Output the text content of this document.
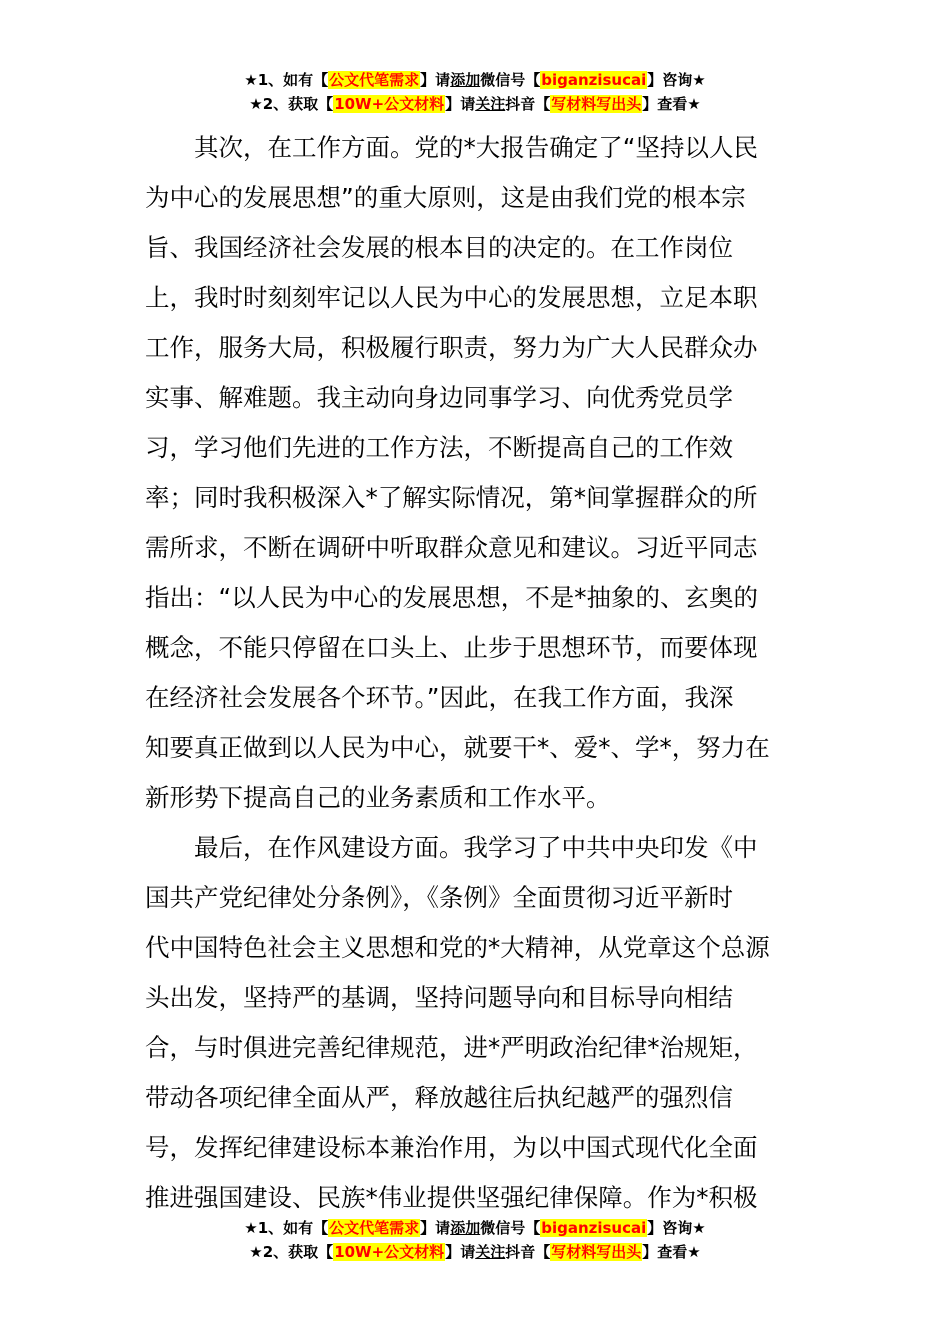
★1、如有【公文代笔需求】请添加微信号【biganzisucai】咨询★
★2、获取【10W+公文材料】请关注抖音【写材料写出头】查看★
　　其次，在工作方面。党的*大报告确定了“坚持以人民
为中心的发展思想”的重大原则，这是由我们党的根本宗
旨、我国经济社会发展的根本目的决定的。在工作岗位
上，我时时刻刻牢记以人民为中心的发展思想，立足本职
工作，服务大局，积极履行职责，努力为广大人民群众办
实事、解难题。我主动向身边同事学习、向优秀党员学
习，学习他们先进的工作方法，不断提高自己的工作效
率；同时我积极深入*了解实际情况，第*间掌握群众的所
需所求，不断在调研中听取群众意见和建议。习近平同志
指出：“以人民为中心的发展思想，不是*抽象的、玄奥的
概念，不能只停留在口头上、止步于思想环节，而要体现
在经济社会发展各个环节。”因此，在我工作方面，我深
知要真正做到以人民为中心，就要干*、爱*、学*，努力在
新形势下提高自己的业务素质和工作水平。
　　最后，在作风建设方面。我学习了中共中央印发《中
国共产党纪律处分条例》，《条例》全面贯彻习近平新时
代中国特色社会主义思想和党的*大精神，从党章这个总源
头出发，坚持严的基调，坚持问题导向和目标导向相结
合，与时俱进完善纪律规范，进*严明政治纪律*治规矩，
带动各项纪律全面从严，释放越往后执纪越严的强烈信
号，发挥纪律建设标本兼治作用，为以中国式现代化全面
推进强国建设、民族*伟业提供坚强纪律保障。作为*积极
★1、如有【公文代笔需求】请添加微信号【biganzisucai】咨询★
★2、获取【10W+公文材料】请关注抖音【写材料写出头】查看★
